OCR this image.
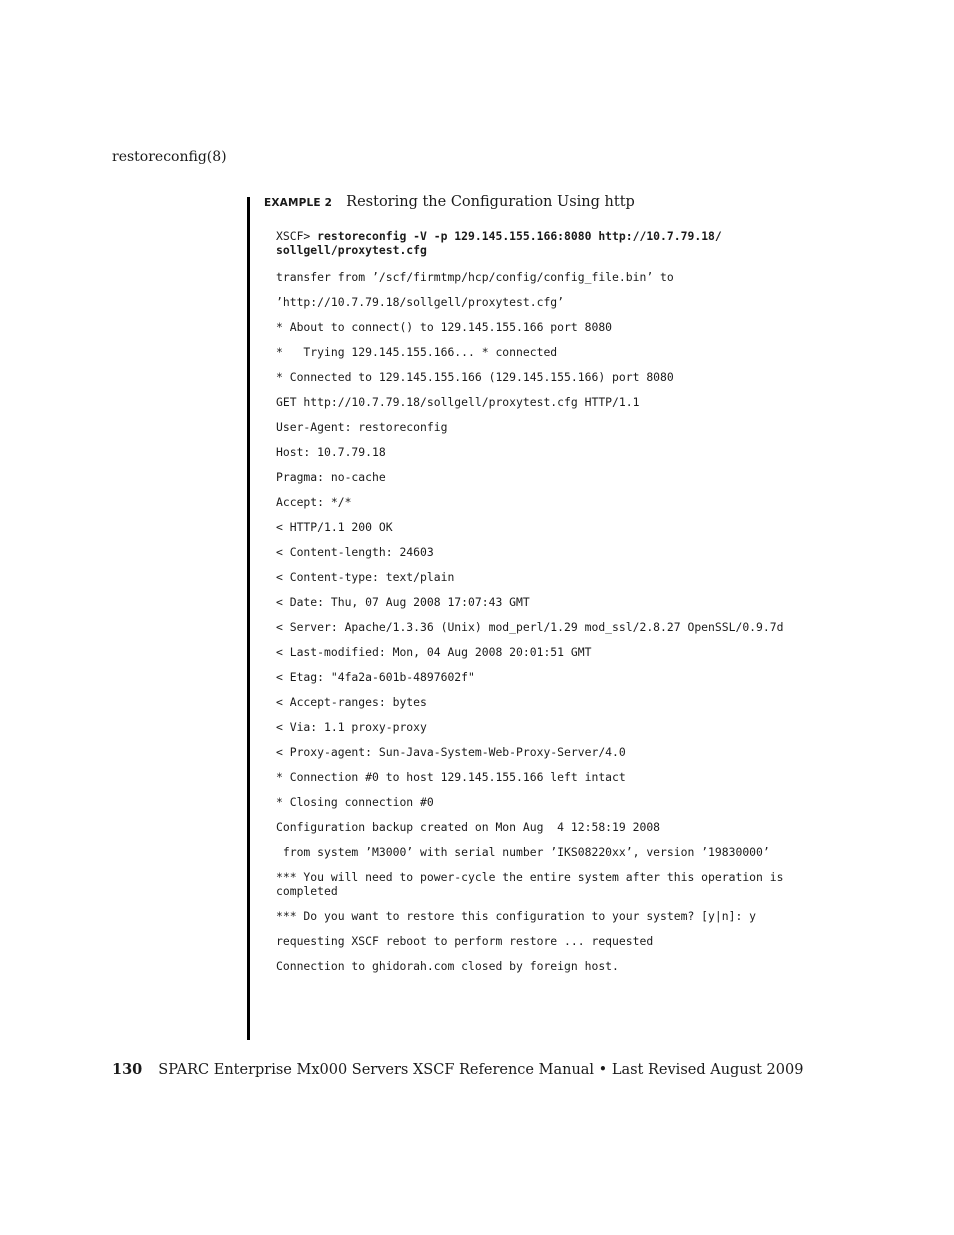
restoreconfig(8)
EXAMPLE 2 Restoring the Configuration Using http
XSCF> restoreconfig -V -p 129.145.155.166:8080 http://10.7.79.18/ sollgell/proxytest.cfg
transfer from ’/scf/firmtmp/hcp/config/config_file.bin’ to
’http://10.7.79.18/sollgell/proxytest.cfg’
* About to connect() to 129.145.155.166 port 8080
*   Trying 129.145.155.166... * connected
* Connected to 129.145.155.166 (129.145.155.166) port 8080
GET http://10.7.79.18/sollgell/proxytest.cfg HTTP/1.1
User-Agent: restoreconfig
Host: 10.7.79.18
Pragma: no-cache
Accept: */*
< HTTP/1.1 200 OK
< Content-length: 24603
< Content-type: text/plain
< Date: Thu, 07 Aug 2008 17:07:43 GMT
< Server: Apache/1.3.36 (Unix) mod_perl/1.29 mod_ssl/2.8.27 OpenSSL/0.9.7d
< Last-modified: Mon, 04 Aug 2008 20:01:51 GMT
< Etag: "4fa2a-601b-4897602f"
< Accept-ranges: bytes
< Via: 1.1 proxy-proxy
< Proxy-agent: Sun-Java-System-Web-Proxy-Server/4.0
* Connection #0 to host 129.145.155.166 left intact
* Closing connection #0
Configuration backup created on Mon Aug  4 12:58:19 2008
from system ’M3000’ with serial number ’IKS08220xx’, version ’19830000’
*** You will need to power-cycle the entire system after this operation is completed
*** Do you want to restore this configuration to your system? [y|n]: y
requesting XSCF reboot to perform restore ... requested
Connection to ghidorah.com closed by foreign host.
130 SPARC Enterprise Mx000 Servers XSCF Reference Manual • Last Revised August 2009
